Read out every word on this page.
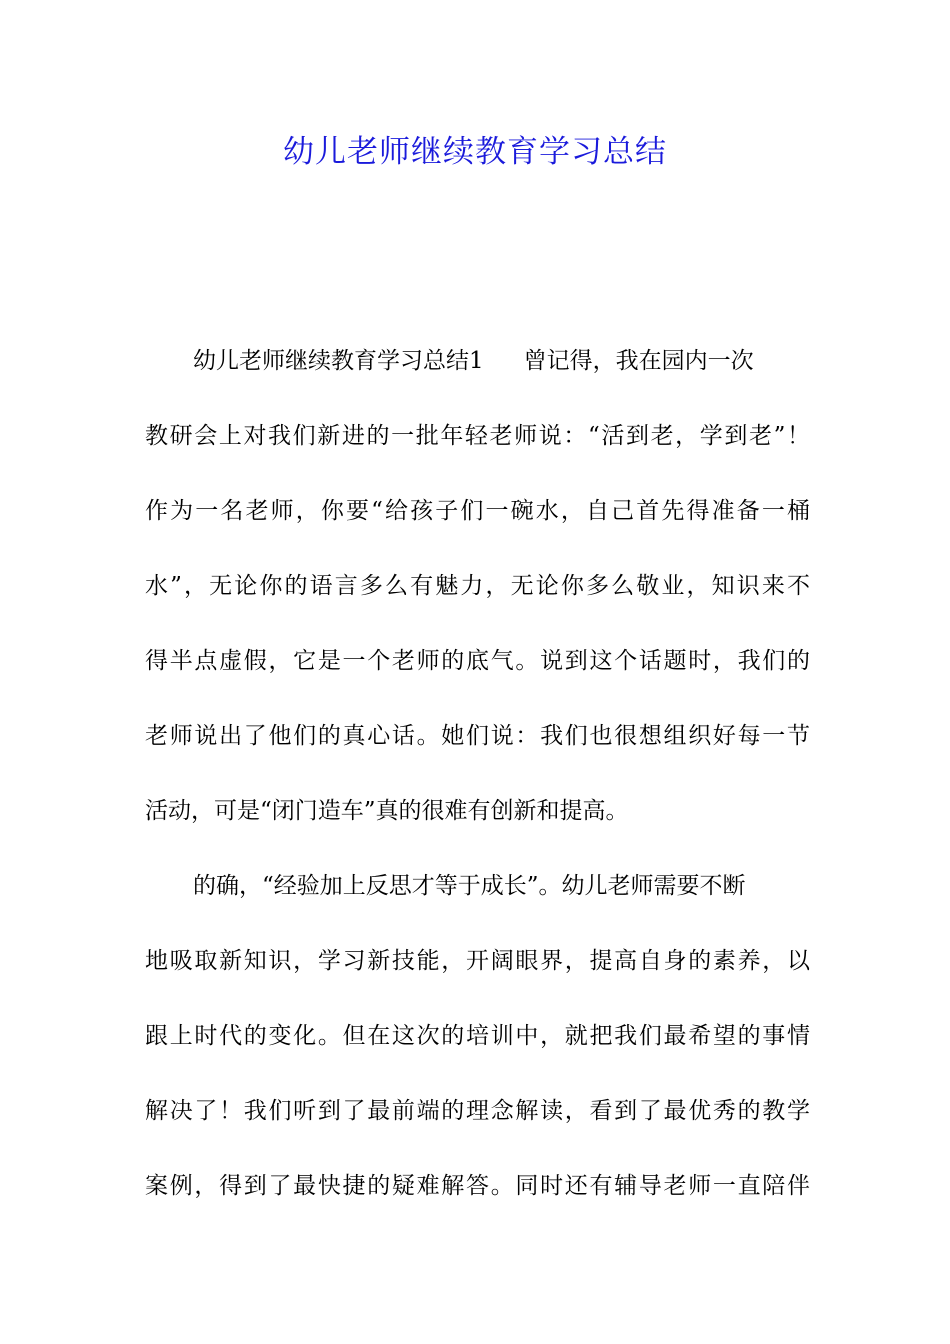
幼儿老师继续教育学习总结
幼儿老师继续教育学习总结1 曾记得，我在园内一次
教研会上对我们新进的一批年轻老师说：“活到老，学到老”！
作为一名老师，你要“给孩子们一碗水，自己首先得准备一桶
水”，无论你的语言多么有魅力，无论你多么敬业，知识来不
得半点虚假，它是一个老师的底气。说到这个话题时，我们的
老师说出了他们的真心话。她们说：我们也很想组织好每一节
活动，可是“闭门造车”真的很难有创新和提高。
的确，“经验加上反思才等于成长”。幼儿老师需要不断
地吸取新知识，学习新技能，开阔眼界，提高自身的素养，以
跟上时代的变化。但在这次的培训中，就把我们最希望的事情
解决了！我们听到了最前端的理念解读，看到了最优秀的教学
案例，得到了最快捷的疑难解答。同时还有辅导老师一直陪伴
